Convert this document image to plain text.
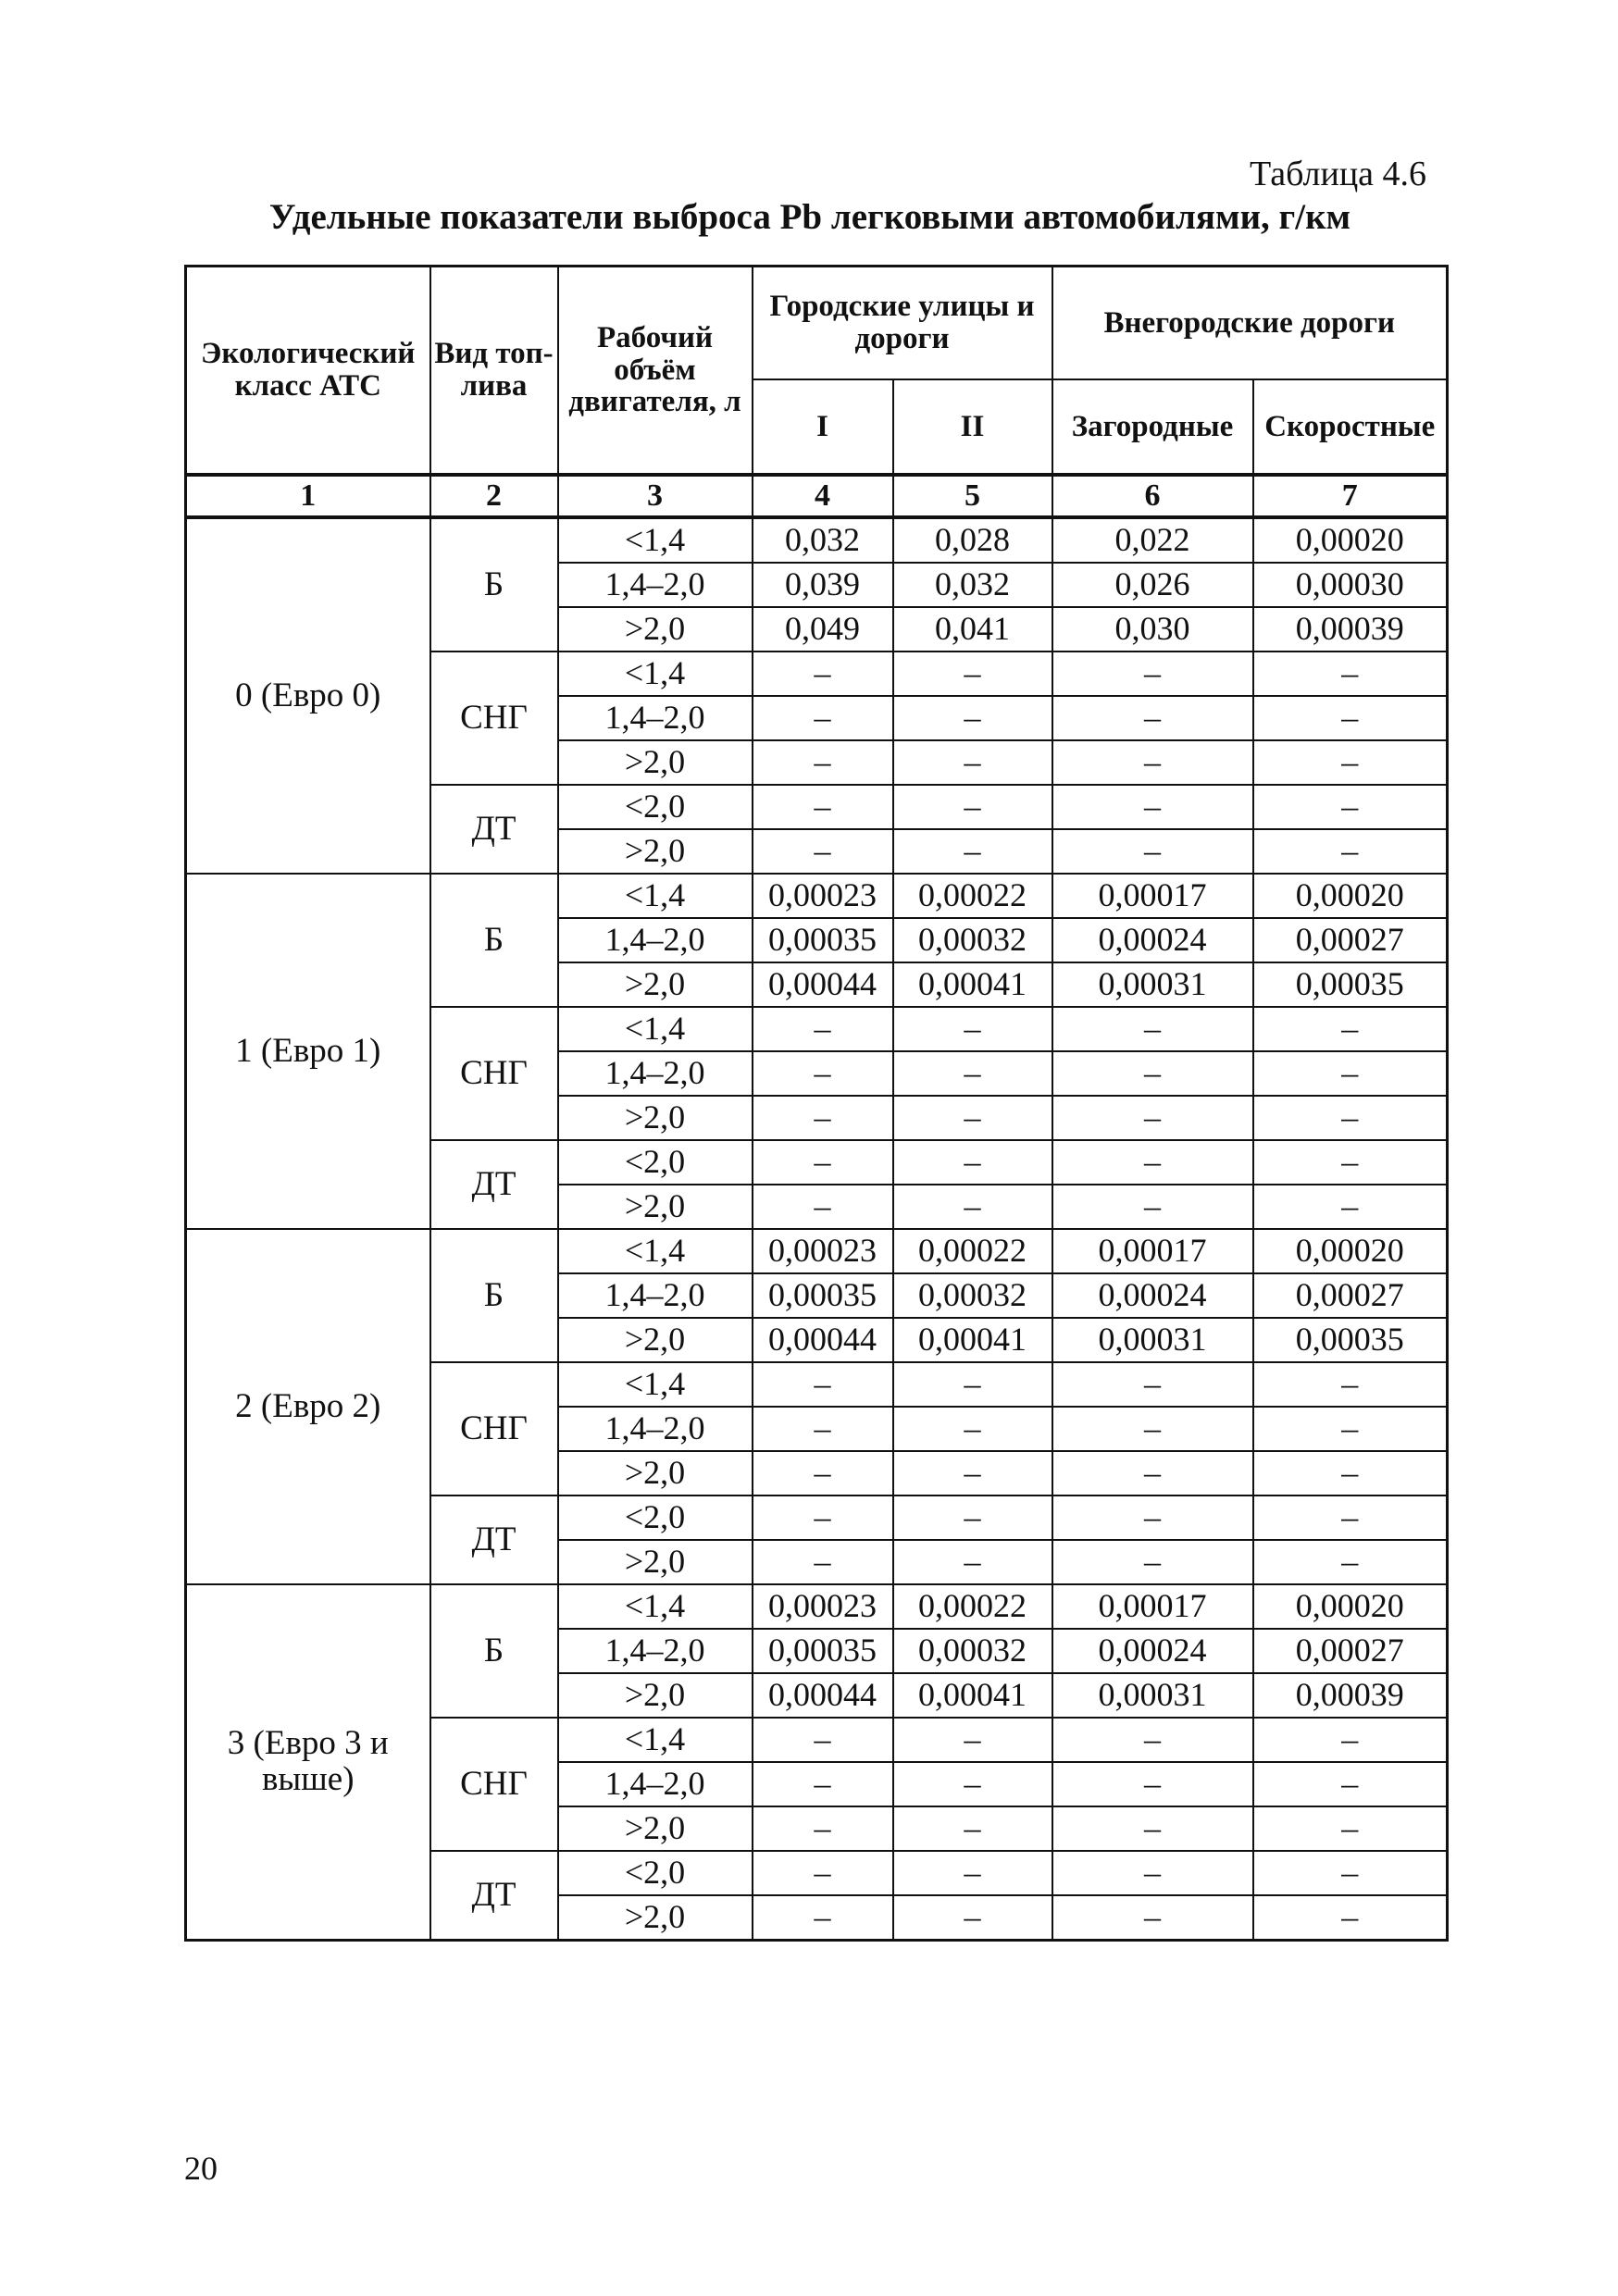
Таблица 4.6
Удельные показатели выброса Pb легковыми автомобилями, г/км
Экологический класс АТС	Вид топ-лива	Рабочий объём двигателя, л	Городские улицы и дороги		Внегородские дороги	
			I	II	Загородные	Скоростные
1	2	3	4	5	6	7
0 (Евро 0)	Б	<1,4	0,032	0,028	0,022	0,00020
		1,4–2,0	0,039	0,032	0,026	0,00030
		>2,0	0,049	0,041	0,030	0,00039
	СНГ	<1,4	–	–	–	–
		1,4–2,0	–	–	–	–
		>2,0	–	–	–	–
	ДТ	<2,0	–	–	–	–
		>2,0	–	–	–	–
1 (Евро 1)	Б	<1,4	0,00023	0,00022	0,00017	0,00020
		1,4–2,0	0,00035	0,00032	0,00024	0,00027
		>2,0	0,00044	0,00041	0,00031	0,00035
	СНГ	<1,4	–	–	–	–
		1,4–2,0	–	–	–	–
		>2,0	–	–	–	–
	ДТ	<2,0	–	–	–	–
		>2,0	–	–	–	–
2 (Евро 2)	Б	<1,4	0,00023	0,00022	0,00017	0,00020
		1,4–2,0	0,00035	0,00032	0,00024	0,00027
		>2,0	0,00044	0,00041	0,00031	0,00035
	СНГ	<1,4	–	–	–	–
		1,4–2,0	–	–	–	–
		>2,0	–	–	–	–
	ДТ	<2,0	–	–	–	–
		>2,0	–	–	–	–
3 (Евро 3 и выше)	Б	<1,4	0,00023	0,00022	0,00017	0,00020
		1,4–2,0	0,00035	0,00032	0,00024	0,00027
		>2,0	0,00044	0,00041	0,00031	0,00039
	СНГ	<1,4	–	–	–	–
		1,4–2,0	–	–	–	–
		>2,0	–	–	–	–
	ДТ	<2,0	–	–	–	–
		>2,0	–	–	–	–
20
